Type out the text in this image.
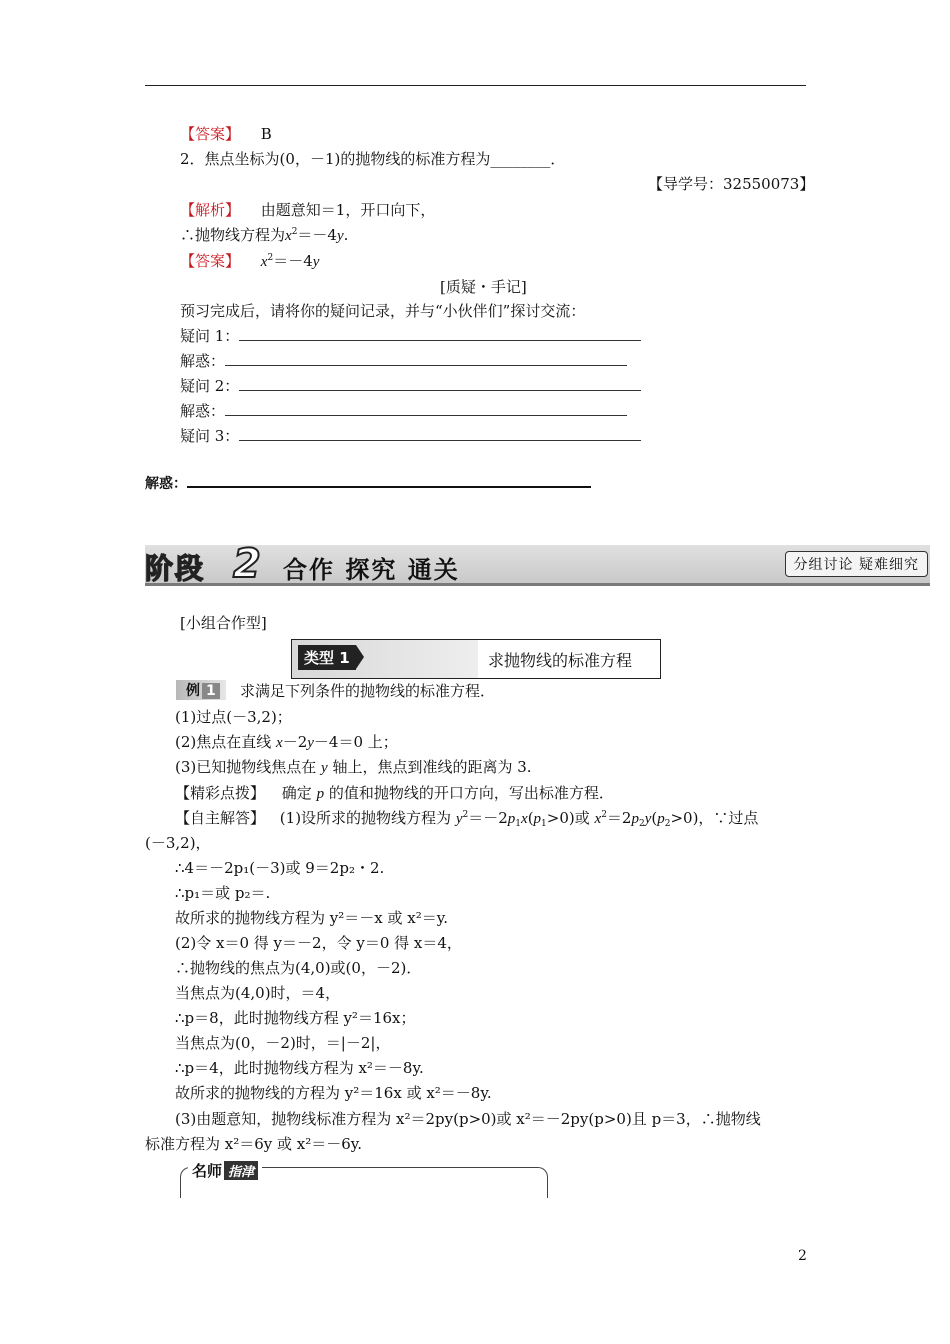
【答案】 B
2．焦点坐标为(0，－1)的抛物线的标准方程为________．
【导学号：32550073】
【解析】 由题意知＝1，开口向下，
∴抛物线方程为$x^2=-4y$.
【答案】 $x^2=-4y$
[质疑・手记]
预习完成后，请将你的疑问记录，并与“小伙伴们”探讨交流：
疑问 1：
解惑：
疑问 2：
解惑：
疑问 3：
解惑：
阶段 2 合作 探究 通关	分组讨论 疑难细究
[小组合作型]
类型 1	求抛物线的标准方程
例 1	求满足下列条件的抛物线的标准方程．
(1)过点(－3,2)；
(2)焦点在直线 x－2y－4＝0 上；
(3)已知抛物线焦点在 y 轴上，焦点到准线的距离为 3.
【精彩点拨】 确定 p 的值和抛物线的开口方向，写出标准方程．
【自主解答】 (1)设所求的抛物线方程为 $y^2=-2p_1x(p_1>0)$或 $x^2=2p_2y(p_2>0)$，∵过点
(－3,2)，
∴4＝－2p₁(－3)或 9＝2p₂・2.
∴p₁＝或 p₂＝.
故所求的抛物线方程为 y²＝－x 或 x²＝y.
(2)令 x＝0 得 y＝－2，令 y＝0 得 x＝4，
∴抛物线的焦点为(4,0)或(0，－2)．
当焦点为(4,0)时，＝4，
∴p＝8，此时抛物线方程 y²＝16x；
当焦点为(0，－2)时，＝|－2|，
∴p＝4，此时抛物线方程为 x²＝－8y.
故所求的抛物线的方程为 y²＝16x 或 x²＝－8y.
(3)由题意知，抛物线标准方程为 x²＝2py(p>0)或 x²＝－2py(p>0)且 p＝3，∴抛物线
标准方程为 x²＝6y 或 x²＝－6y.
名师 指津
2
